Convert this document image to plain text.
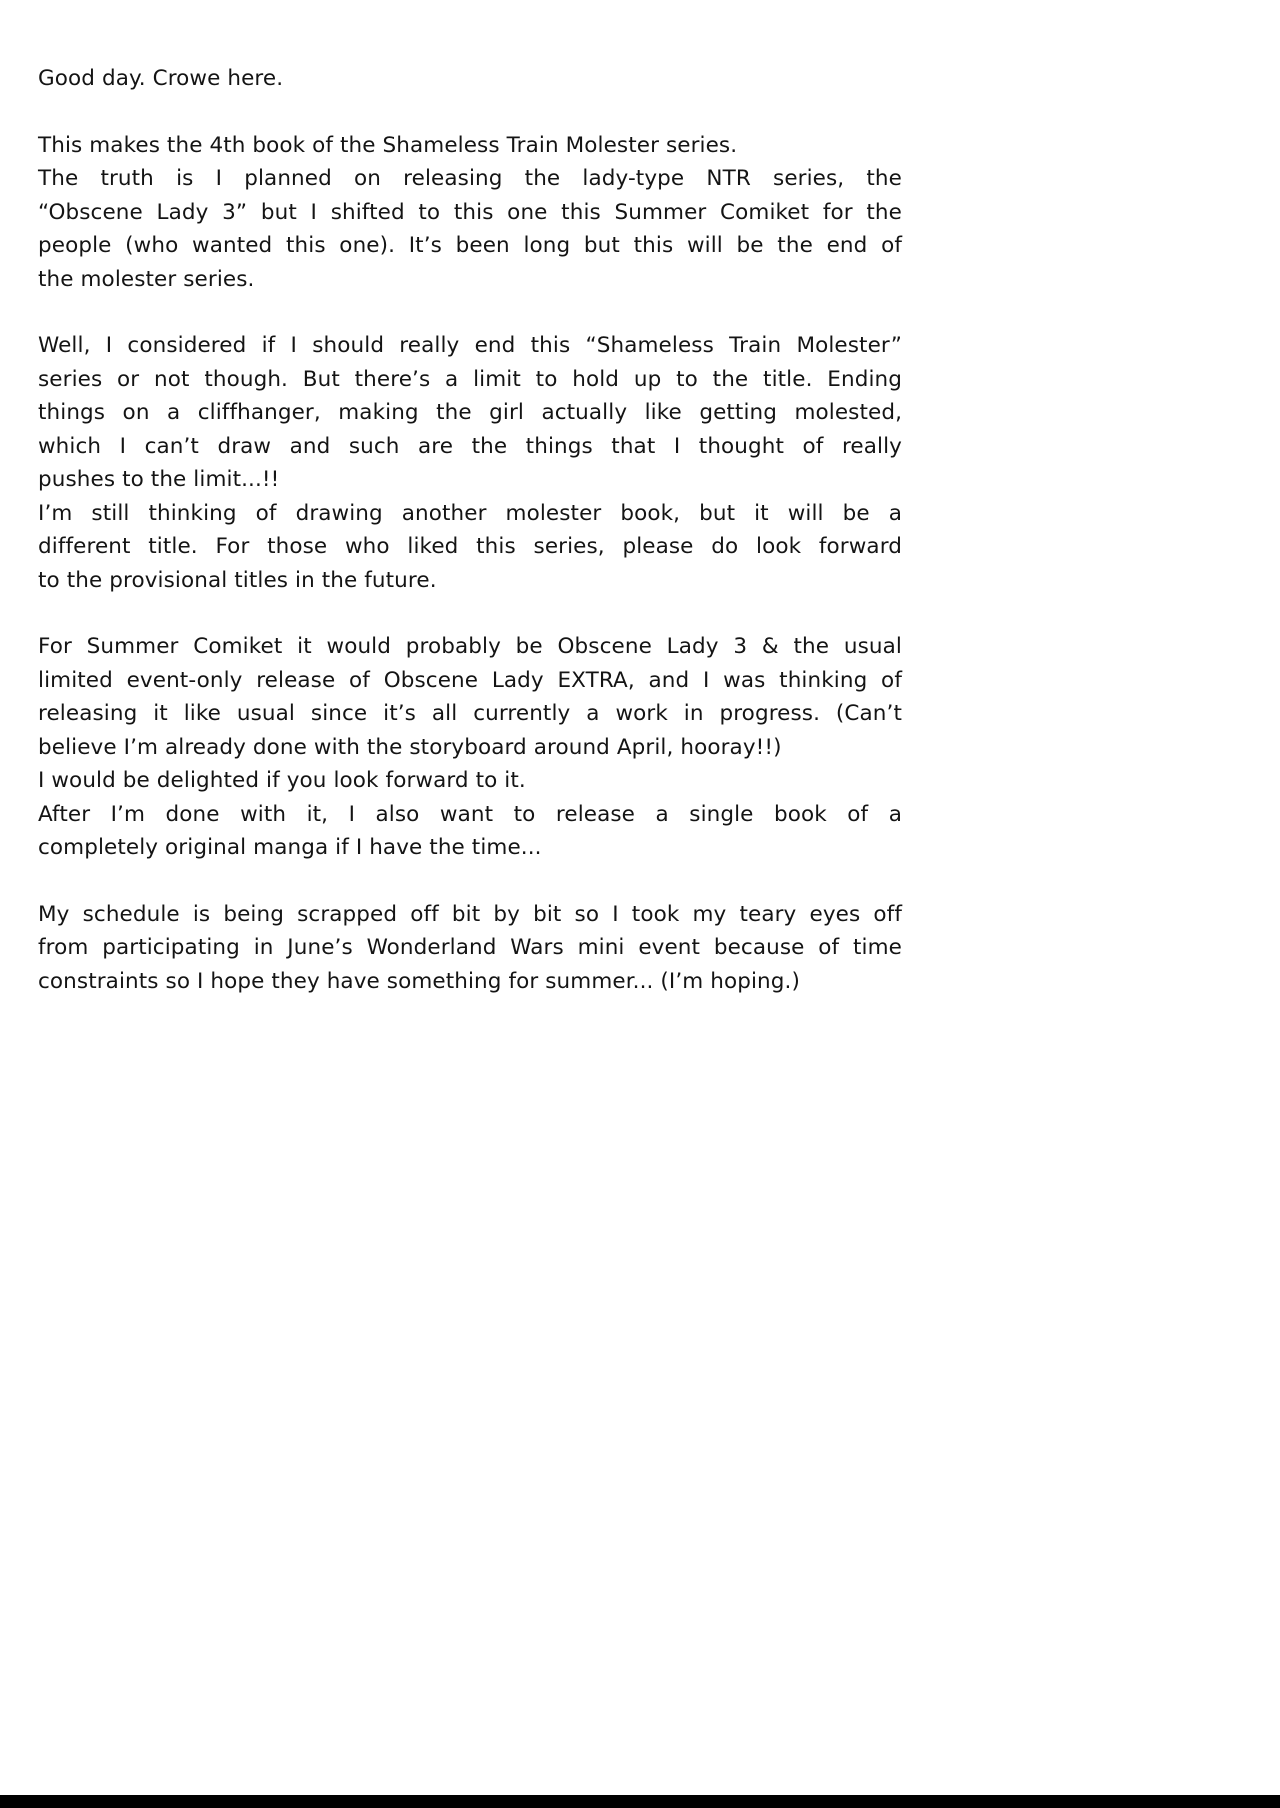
Good day. Crowe here.
This makes the 4th book of the Shameless Train Molester series.
The truth is I planned on releasing the lady-type NTR series, the
“Obscene Lady 3” but I shifted to this one this Summer Comiket for the
people (who wanted this one). It’s been long but this will be the end of
the molester series.
Well, I considered if I should really end this “Shameless Train Molester”
series or not though. But there’s a limit to hold up to the title. Ending
things on a cliffhanger, making the girl actually like getting molested,
which I can’t draw and such are the things that I thought of really
pushes to the limit...!!
I’m still thinking of drawing another molester book, but it will be a
different title. For those who liked this series, please do look forward
to the provisional titles in the future.
For Summer Comiket it would probably be Obscene Lady 3 & the usual
limited event-only release of Obscene Lady EXTRA, and I was thinking of
releasing it like usual since it’s all currently a work in progress. (Can’t
believe I’m already done with the storyboard around April, hooray!!)
I would be delighted if you look forward to it.
After I’m done with it, I also want to release a single book of a
completely original manga if I have the time...
My schedule is being scrapped off bit by bit so I took my teary eyes off
from participating in June’s Wonderland Wars mini event because of time
constraints so I hope they have something for summer... (I’m hoping.)
